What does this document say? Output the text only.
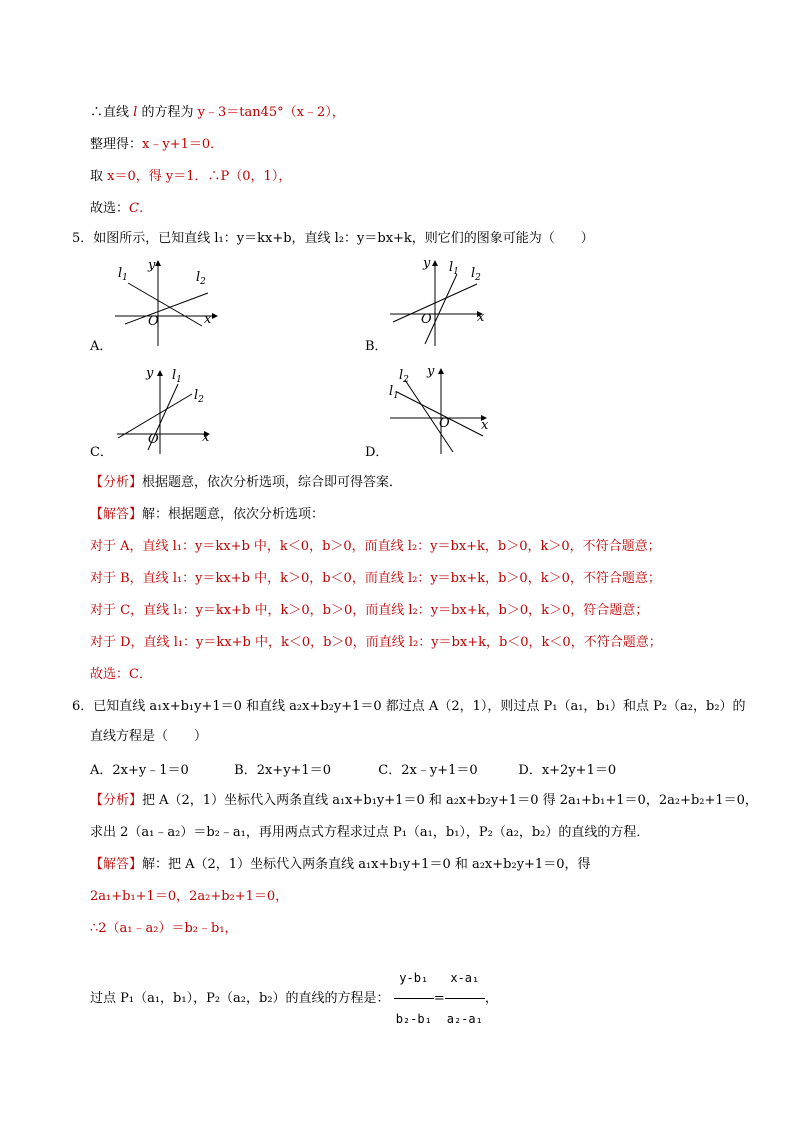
∴直线 l 的方程为 y﹣3＝tan45°（x﹣2），
整理得：x﹣y+1＝0．
取 x＝0，得 y＝1．∴P（0，1），
故选：C．
5．如图所示，已知直线 l₁：y＝kx+b，直线 l₂：y＝bx+k，则它们的图象可能为（　　）
y
x
O
$l_1$	$l_2$
A．
y
x
O
$l_1$ $l_2$
B．
y
x
O
$l_1$
$l_2$
C．
y
x
O
$l_2$
$l_1$
D．
【分析】根据题意，依次分析选项，综合即可得答案．
【解答】解：根据题意，依次分析选项：
对于 A，直线 l₁：y＝kx+b 中，k＜0，b＞0，而直线 l₂：y＝bx+k，b＞0，k＞0，不符合题意；
对于 B，直线 l₁：y＝kx+b 中，k＞0，b＜0，而直线 l₂：y＝bx+k，b＞0，k＞0，不符合题意；
对于 C，直线 l₁：y＝kx+b 中，k＞0，b＞0，而直线 l₂：y＝bx+k，b＞0，k＞0，符合题意；
对于 D，直线 l₁：y＝kx+b 中，k＜0，b＞0，而直线 l₂：y＝bx+k，b＜0，k＜0，不符合题意；
故选：C．
6．已知直线 a₁x+b₁y+1＝0 和直线 a₂x+b₂y+1＝0 都过点 A（2，1），则过点 P₁（a₁，b₁）和点 P₂（a₂，b₂）的
直线方程是（　　）
A．2x+y﹣1＝0	B．2x+y+1＝0	C．2x﹣y+1＝0	D．x+2y+1＝0
【分析】把 A（2，1）坐标代入两条直线 a₁x+b₁y+1＝0 和 a₂x+b₂y+1＝0 得 2a₁+b₁+1＝0，2a₂+b₂+1＝0，
求出 2（a₁﹣a₂）＝b₂﹣a₁，再用两点式方程求过点 P₁（a₁，b₁），P₂（a₂，b₂）的直线的方程．
【解答】解：把 A（2，1）坐标代入两条直线 a₁x+b₁y+1＝0 和 a₂x+b₂y+1＝0，得
2a₁+b₁+1＝0，2a₂+b₂+1＝0，
∴2（a₁﹣a₂）＝b₂﹣b₁，
过点 P₁（a₁，b₁），P₂（a₂，b₂）的直线的方程是： $\frac{\text{y-b₁}}{\text{b₂-b₁}} = \frac{\text{x-a₁}}{\text{a₂-a₁}}$ ，
